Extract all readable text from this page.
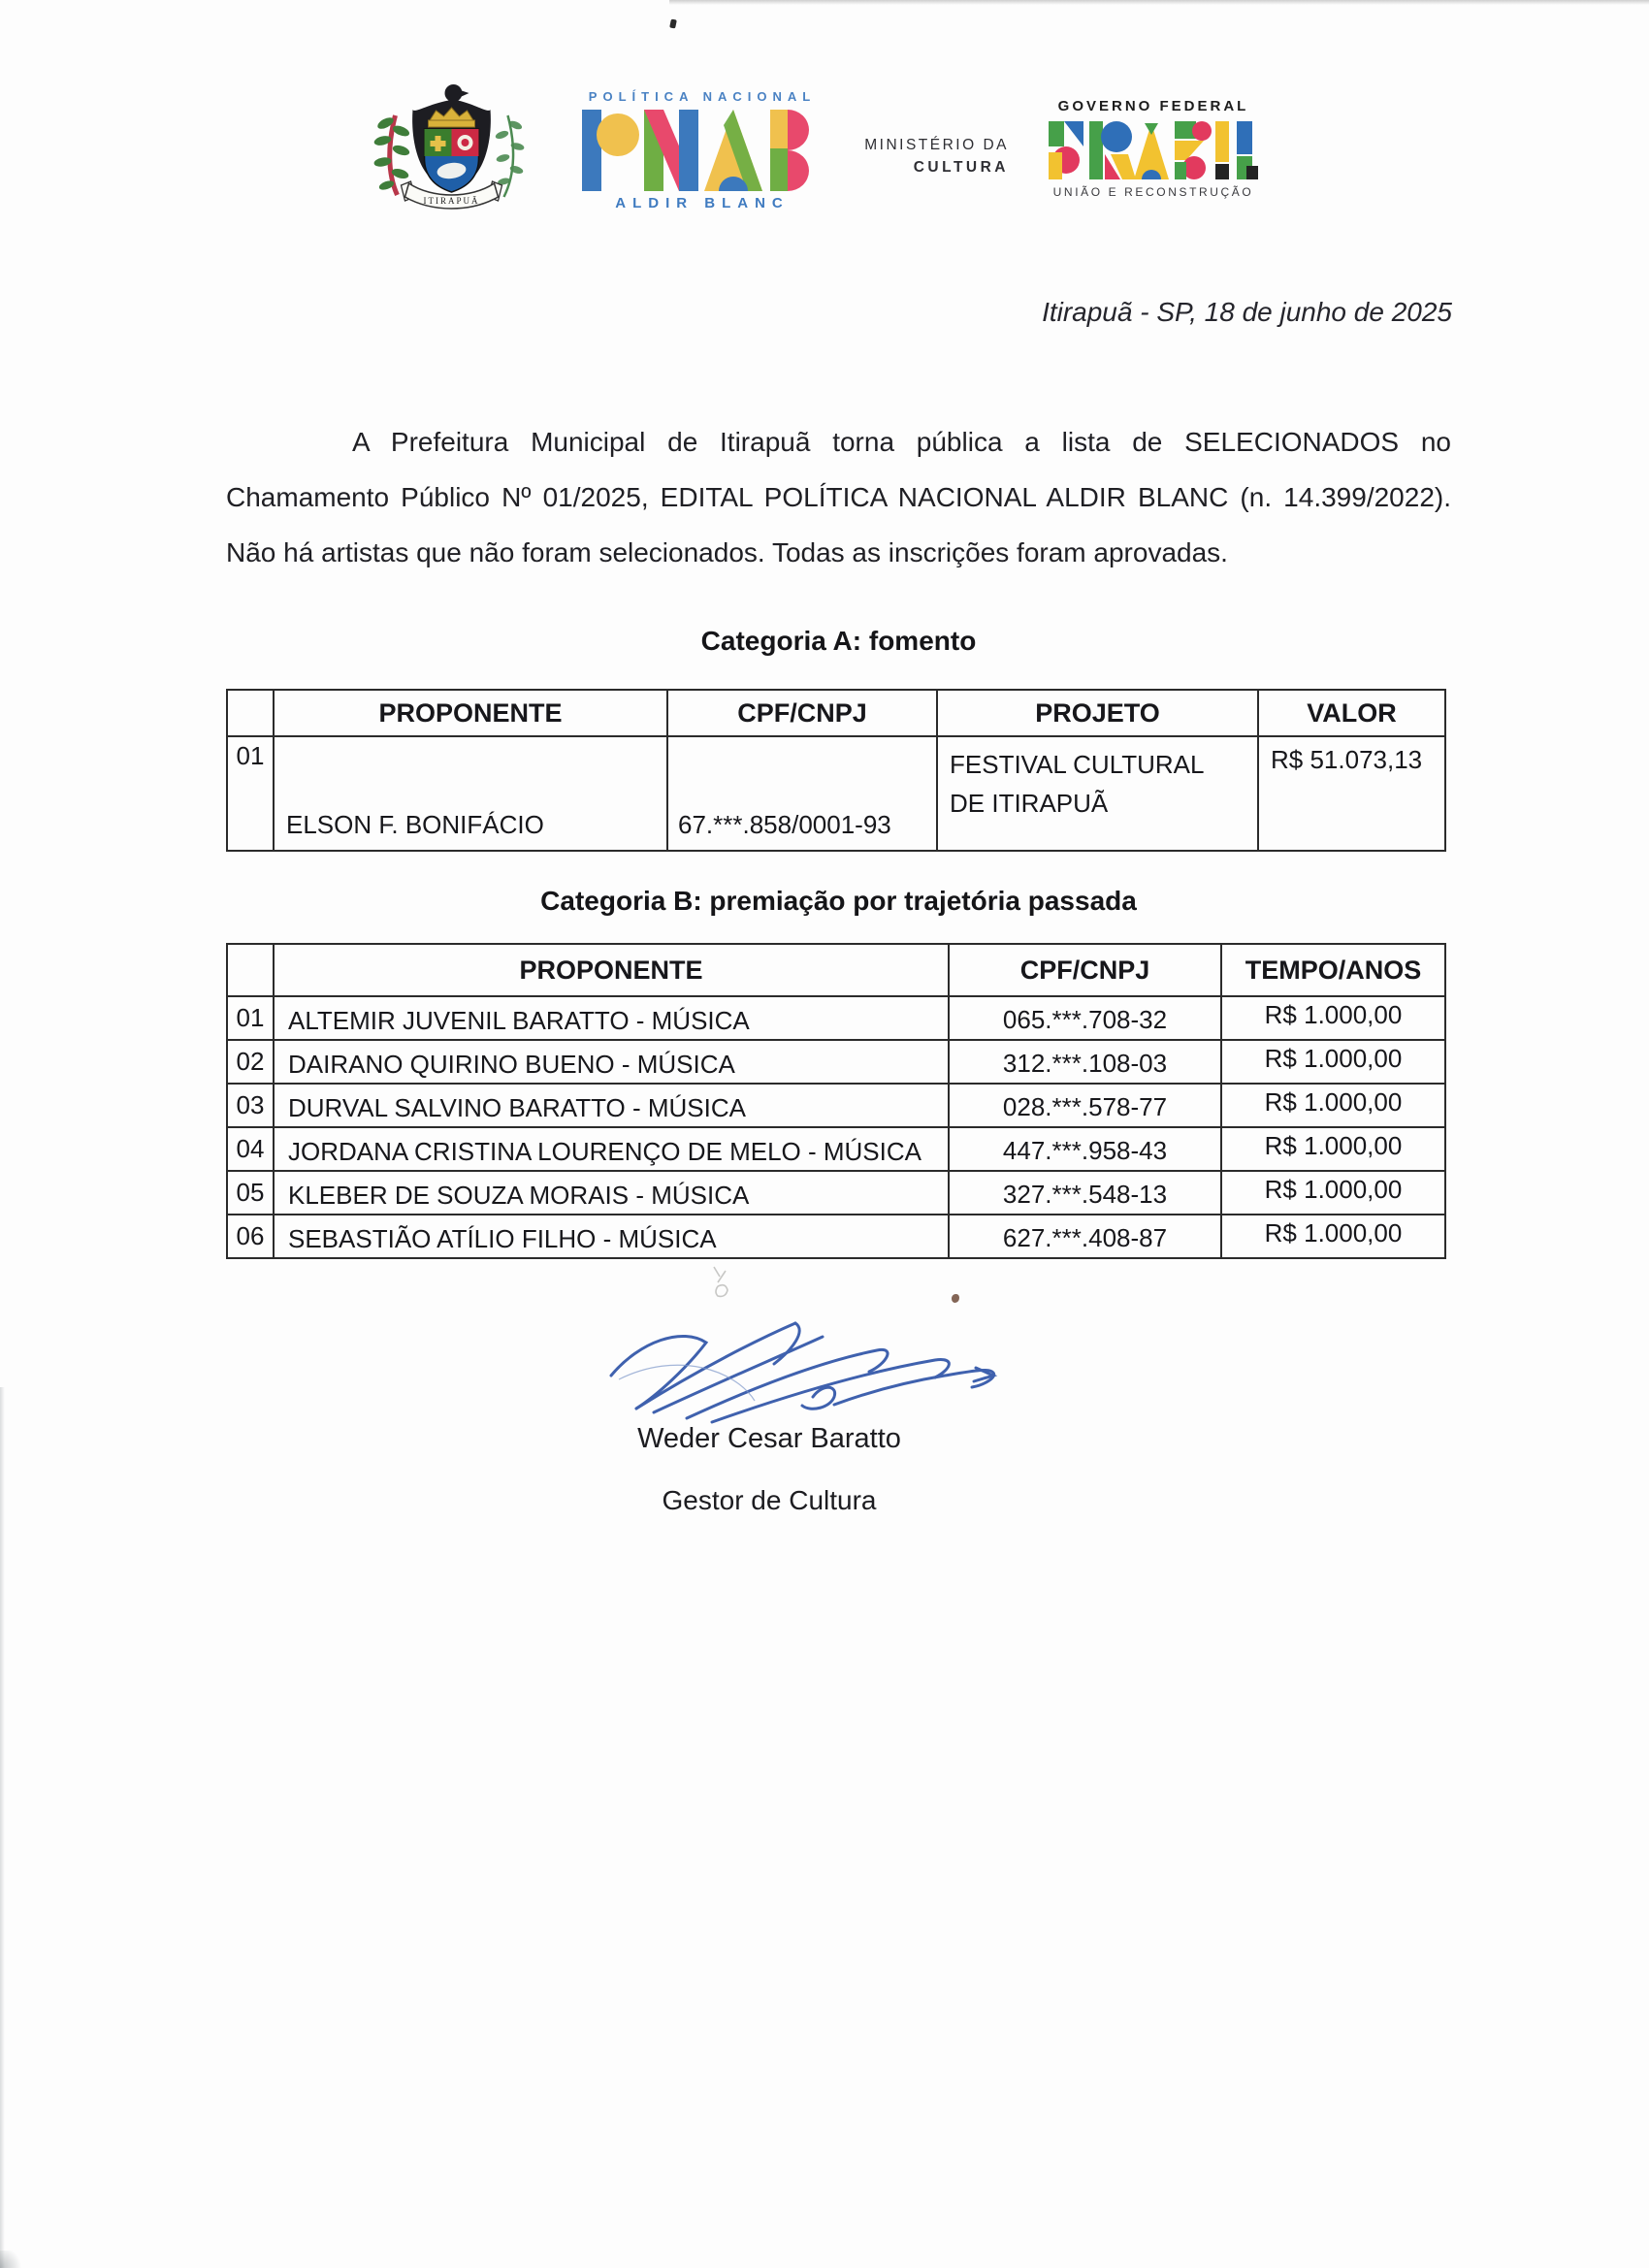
ITIRAPUÃ
POLÍTICA NACIONAL
ALDIR BLANC
MINISTÉRIO DA
CULTURA
GOVERNO FEDERAL
UNIÃO E RECONSTRUÇÃO
Itirapuã - SP, 18 de junho de 2025

A Prefeitura Municipal de Itirapuã torna pública a lista de SELECIONADOS no Chamamento Público Nº 01/2025, EDITAL POLÍTICA NACIONAL ALDIR BLANC (n. 14.399/2022). Não há artistas que não foram selecionados. Todas as inscrições foram aprovadas.

Categoria A: fomento
	PROPONENTE	CPF/CNPJ	PROJETO	VALOR
01	ELSON F. BONIFÁCIO	67.***.858/0001-93	FESTIVAL CULTURAL DE ITIRAPUÃ	R$ 51.073,13
Categoria B: premiação por trajetória passada
	PROPONENTE	CPF/CNPJ	TEMPO/ANOS
01	ALTEMIR JUVENIL BARATTO - MÚSICA	065.***.708-32	R$ 1.000,00
02	DAIRANO QUIRINO BUENO - MÚSICA	312.***.108-03	R$ 1.000,00
03	DURVAL SALVINO BARATTO - MÚSICA	028.***.578-77	R$ 1.000,00
04	JORDANA CRISTINA LOURENÇO DE MELO - MÚSICA	447.***.958-43	R$ 1.000,00
05	KLEBER DE SOUZA MORAIS - MÚSICA	327.***.548-13	R$ 1.000,00
06	SEBASTIÃO ATÍLIO FILHO - MÚSICA	627.***.408-87	R$ 1.000,00
Weder Cesar Baratto
Gestor de Cultura
